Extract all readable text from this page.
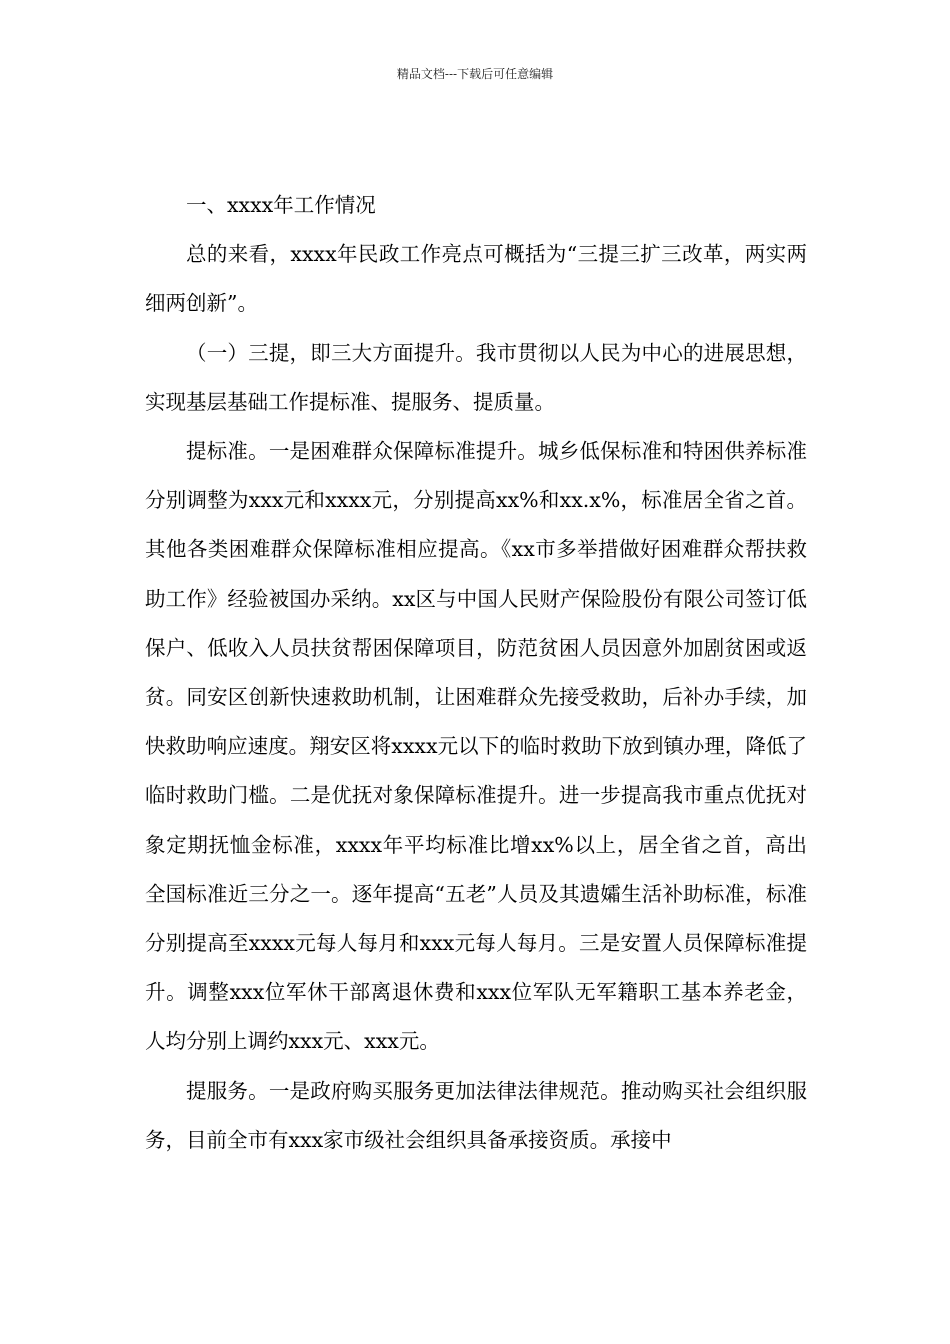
精品文档---下载后可任意编辑

一、xxxx年工作情况

总的来看，xxxx年民政工作亮点可概括为“三提三扩三改革，两实两细两创新”。

（一）三提，即三大方面提升。我市贯彻以人民为中心的进展思想，实现基层基础工作提标准、提服务、提质量。

提标准。一是困难群众保障标准提升。城乡低保标准和特困供养标准分别调整为xxx元和xxxx元，分别提高xx%和xx.x%，标准居全省之首。其他各类困难群众保障标准相应提高。《xx市多举措做好困难群众帮扶救助工作》经验被国办采纳。xx区与中国人民财产保险股份有限公司签订低保户、低收入人员扶贫帮困保障项目，防范贫困人员因意外加剧贫困或返贫。同安区创新快速救助机制，让困难群众先接受救助，后补办手续，加快救助响应速度。翔安区将xxxx元以下的临时救助下放到镇办理，降低了临时救助门槛。二是优抚对象保障标准提升。进一步提高我市重点优抚对象定期抚恤金标准，xxxx年平均标准比增xx%以上，居全省之首，高出全国标准近三分之一。逐年提高“五老”人员及其遗孀生活补助标准，标准分别提高至xxxx元每人每月和xxx元每人每月。三是安置人员保障标准提升。调整xxx位军休干部离退休费和xxx位军队无军籍职工基本养老金，人均分别上调约xxx元、xxx元。

提服务。一是政府购买服务更加法律法律规范。推动购买社会组织服务，目前全市有xxx家市级社会组织具备承接资质。承接中
